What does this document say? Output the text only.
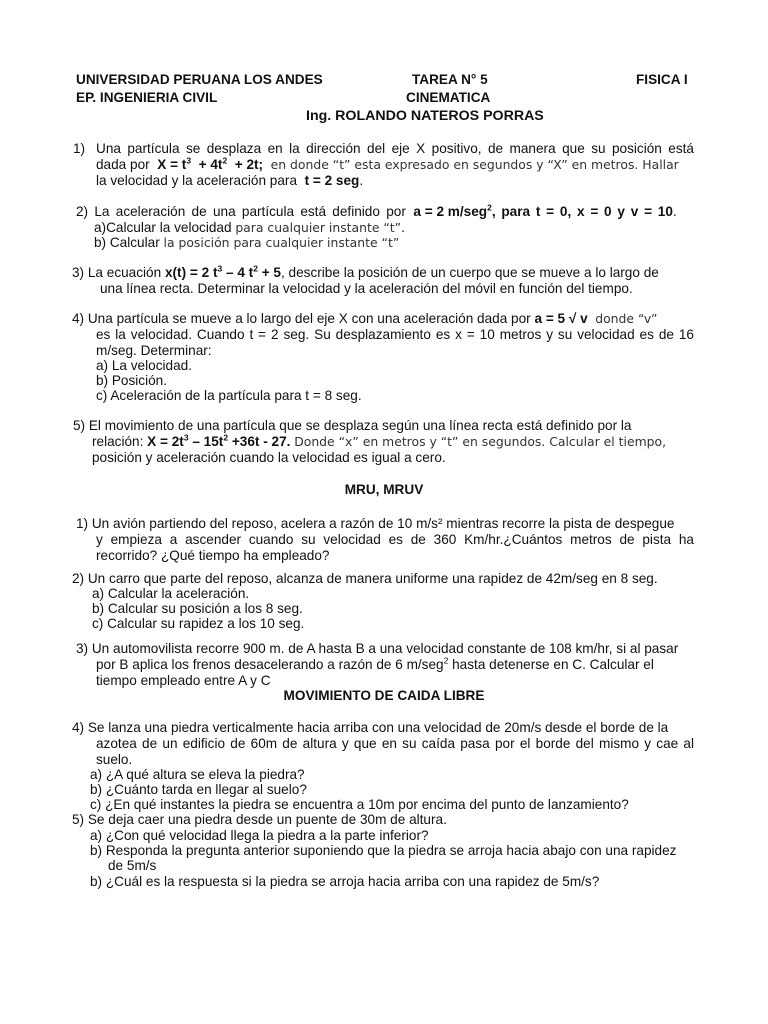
UNIVERSIDAD PERUANA LOS ANDES	TAREA N° 5	FISICA I
EP. INGENIERIA CIVIL	CINEMATICA
Ing. ROLANDO NATEROS PORRAS
1) Una partícula se desplaza en la dirección del eje X positivo, de manera que su posición está
dada por $X = t^3 + 4t^2 + 2t$; en donde “t” esta expresado en segundos y “X” en metros. Hallar
la velocidad y la aceleración para t = 2 seg.
2) La aceleración de una partícula está definido por a = 2 m/seg$^2$, para t = 0, x = 0 y v = 10.
a)Calcular la velocidad para cualquier instante “t”.
b) Calcular la posición para cualquier instante “t”
3) La ecuación x(t) = 2 $t^3 - 4$ $t^2 + 5$, describe la posición de un cuerpo que se mueve a lo largo de
una línea recta. Determinar la velocidad y la aceleración del móvil en función del tiempo.
4) Una partícula se mueve a lo largo del eje X con una aceleración dada por a = 5 √ v donde “v”
es la velocidad. Cuando t = 2 seg. Su desplazamiento es x = 10 metros y su velocidad es de 16
m/seg. Determinar:
a) La velocidad.
b) Posición.
c) Aceleración de la partícula para t = 8 seg.
5) El movimiento de una partícula que se desplaza según una línea recta está definido por la
relación: $X = 2t^3 - 15t^2 +36t - 27$. Donde “x” en metros y “t” en segundos. Calcular el tiempo,
posición y aceleración cuando la velocidad es igual a cero.
MRU, MRUV
1) Un avión partiendo del reposo, acelera a razón de 10 m/s² mientras recorre la pista de despegue
y empieza a ascender cuando su velocidad es de 360 Km/hr.¿Cuántos metros de pista ha
recorrido? ¿Qué tiempo ha empleado?
2) Un carro que parte del reposo, alcanza de manera uniforme una rapidez de 42m/seg en 8 seg.
a) Calcular la aceleración.
b) Calcular su posición a los 8 seg.
c) Calcular su rapidez a los 10 seg.
3) Un automovilista recorre 900 m. de A hasta B a una velocidad constante de 108 km/hr, si al pasar
por B aplica los frenos desacelerando a razón de 6 m/seg$^2$ hasta detenerse en C. Calcular el
tiempo empleado entre A y C
MOVIMIENTO DE CAIDA LIBRE
4) Se lanza una piedra verticalmente hacia arriba con una velocidad de 20m/s desde el borde de la
azotea de un edificio de 60m de altura y que en su caída pasa por el borde del mismo y cae al
suelo.
a) ¿A qué altura se eleva la piedra?
b) ¿Cuánto tarda en llegar al suelo?
c) ¿En qué instantes la piedra se encuentra a 10m por encima del punto de lanzamiento?
5) Se deja caer una piedra desde un puente de 30m de altura.
a) ¿Con qué velocidad llega la piedra a la parte inferior?
b) Responda la pregunta anterior suponiendo que la piedra se arroja hacia abajo con una rapidez
de 5m/s
b) ¿Cuál es la respuesta si la piedra se arroja hacia arriba con una rapidez de 5m/s?
